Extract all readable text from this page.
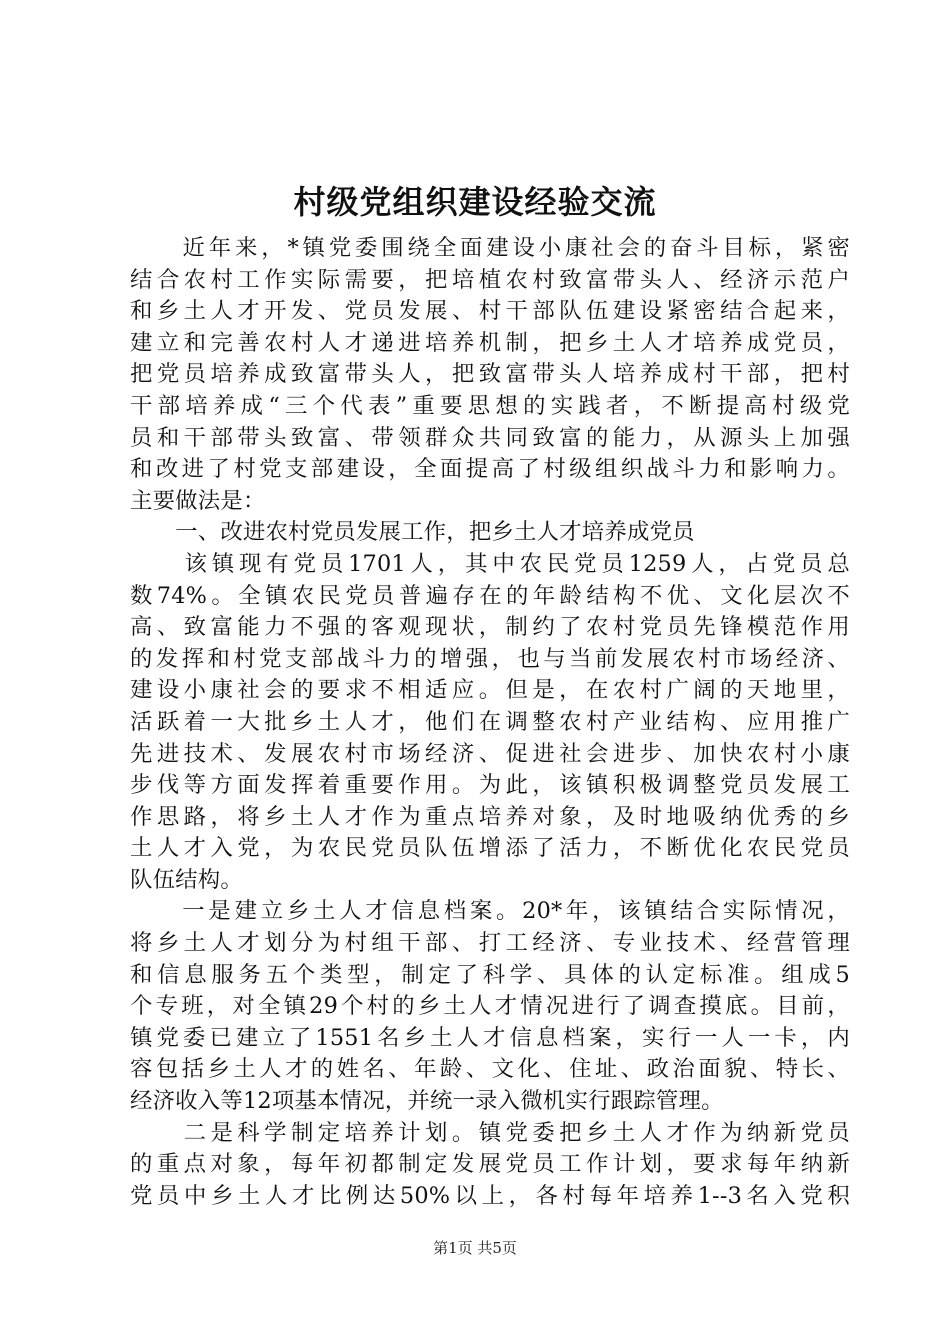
村级党组织建设经验交流
　　近年来，*镇党委围绕全面建设小康社会的奋斗目标，紧密
结合农村工作实际需要，把培植农村致富带头人、经济示范户
和乡土人才开发、党员发展、村干部队伍建设紧密结合起来，
建立和完善农村人才递进培养机制，把乡土人才培养成党员，
把党员培养成致富带头人，把致富带头人培养成村干部，把村
干部培养成“三个代表”重要思想的实践者，不断提高村级党
员和干部带头致富、带领群众共同致富的能力，从源头上加强
和改进了村党支部建设，全面提高了村级组织战斗力和影响力。
主要做法是：
　　一、改进农村党员发展工作，把乡土人才培养成党员
　　该镇现有党员1701人，其中农民党员1259人，占党员总
数74%。全镇农民党员普遍存在的年龄结构不优、文化层次不
高、致富能力不强的客观现状，制约了农村党员先锋模范作用
的发挥和村党支部战斗力的增强，也与当前发展农村市场经济、
建设小康社会的要求不相适应。但是，在农村广阔的天地里，
活跃着一大批乡土人才，他们在调整农村产业结构、应用推广
先进技术、发展农村市场经济、促进社会进步、加快农村小康
步伐等方面发挥着重要作用。为此，该镇积极调整党员发展工
作思路，将乡土人才作为重点培养对象，及时地吸纳优秀的乡
土人才入党，为农民党员队伍增添了活力，不断优化农民党员
队伍结构。
　　一是建立乡土人才信息档案。20*年，该镇结合实际情况，
将乡土人才划分为村组干部、打工经济、专业技术、经营管理
和信息服务五个类型，制定了科学、具体的认定标准。组成5
个专班，对全镇29个村的乡土人才情况进行了调查摸底。目前，
镇党委已建立了1551名乡土人才信息档案，实行一人一卡，内
容包括乡土人才的姓名、年龄、文化、住址、政治面貌、特长、
经济收入等12项基本情况，并统一录入微机实行跟踪管理。
　　二是科学制定培养计划。镇党委把乡土人才作为纳新党员
的重点对象，每年初都制定发展党员工作计划，要求每年纳新
党员中乡土人才比例达50%以上，各村每年培养1--3名入党积
第1页 共5页
